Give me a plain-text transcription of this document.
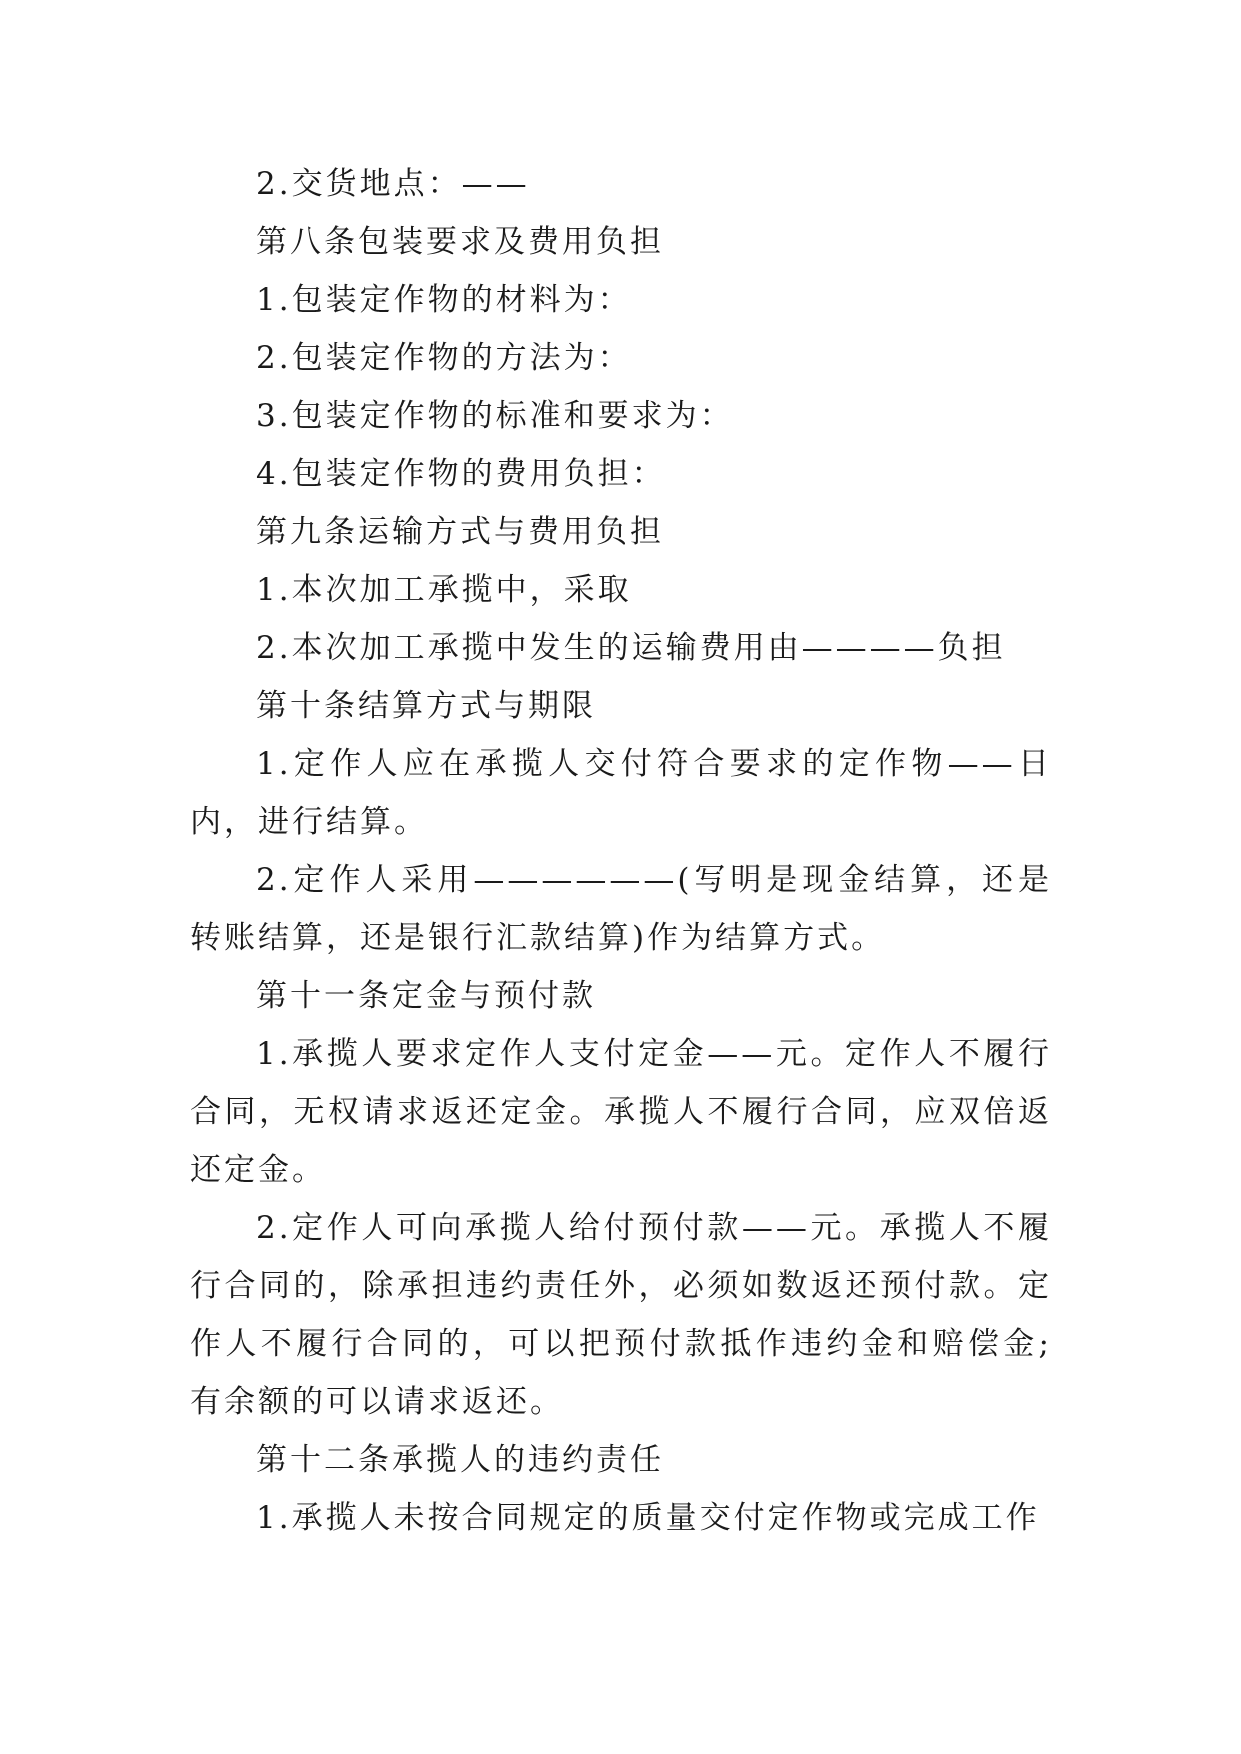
2.交货地点：——

第八条包装要求及费用负担

1.包装定作物的材料为：

2.包装定作物的方法为：

3.包装定作物的标准和要求为：

4.包装定作物的费用负担：

第九条运输方式与费用负担

1.本次加工承揽中，采取

2.本次加工承揽中发生的运输费用由————负担

第十条结算方式与期限

1.定作人应在承揽人交付符合要求的定作物——日内，进行结算。

2.定作人采用——————(写明是现金结算，还是转账结算，还是银行汇款结算)作为结算方式。

第十一条定金与预付款

1.承揽人要求定作人支付定金——元。定作人不履行合同，无权请求返还定金。承揽人不履行合同，应双倍返还定金。

2.定作人可向承揽人给付预付款——元。承揽人不履行合同的，除承担违约责任外，必须如数返还预付款。定作人不履行合同的，可以把预付款抵作违约金和赔偿金;有余额的可以请求返还。

第十二条承揽人的违约责任

1.承揽人未按合同规定的质量交付定作物或完成工作
